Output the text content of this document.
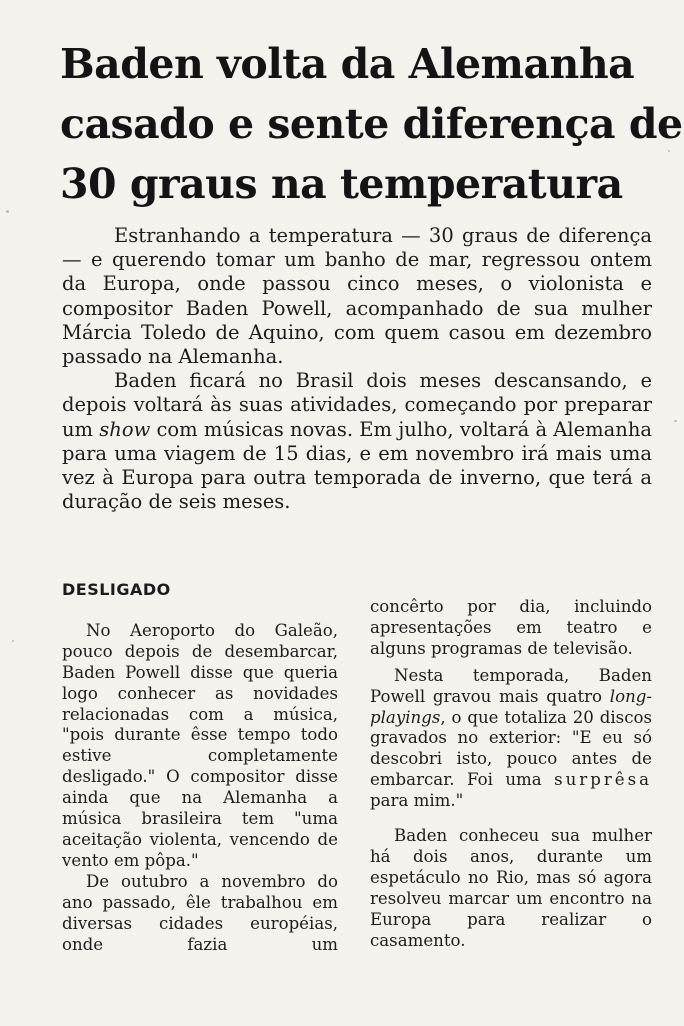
Baden volta da Alemanha
casado e sente diferença de
30 graus na temperatura

Estranhando a temperatura — 30 graus de diferença — e querendo tomar um banho de mar, regressou ontem da Europa, onde passou cinco meses, o violonista e compositor Baden Powell, acompanhado de sua mulher Márcia Toledo de Aquino, com quem casou em dezembro passado na Alemanha.

Baden ficará no Brasil dois meses descansando, e depois voltará às suas atividades, começando por preparar um show com músicas novas. Em julho, voltará à Alemanha para uma viagem de 15 dias, e em novembro irá mais uma vez à Europa para outra temporada de inverno, que terá a duração de seis meses.

DESLIGADO

No Aeroporto do Galeão, pouco depois de desembarcar, Baden Powell disse que queria logo conhecer as novidades relacionadas com a música, "pois durante êsse tempo todo estive completamente desligado." O compositor disse ainda que na Alemanha a música brasileira tem "uma aceitação violenta, vencendo de vento em pôpa."

De outubro a novembro do ano passado, êle trabalhou em diversas cidades européias, onde fazia um

concêrto por dia, incluindo apresentações em teatro e alguns programas de televisão.

Nesta temporada, Baden Powell gravou mais quatro long-playings, o que totaliza 20 discos gravados no exterior: "E eu só descobri isto, pouco antes de embarcar. Foi uma surprêsa para mim."

Baden conheceu sua mulher há dois anos, durante um espetáculo no Rio, mas só agora resolveu marcar um encontro na Europa para realizar o casamento.
